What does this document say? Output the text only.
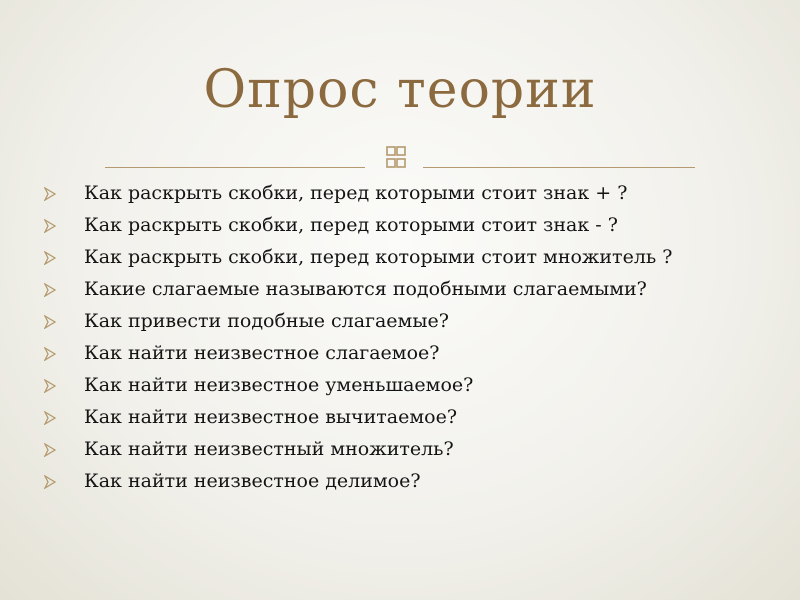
Опрос теории
Как раскрыть скобки, перед которыми стоит знак + ?
Как раскрыть скобки, перед которыми стоит знак - ?
Как раскрыть скобки, перед которыми стоит множитель ?
Какие слагаемые называются подобными слагаемыми?
Как привести подобные слагаемые?
Как найти неизвестное слагаемое?
Как найти неизвестное уменьшаемое?
Как найти неизвестное вычитаемое?
Как найти неизвестный множитель?
Как найти неизвестное делимое?
